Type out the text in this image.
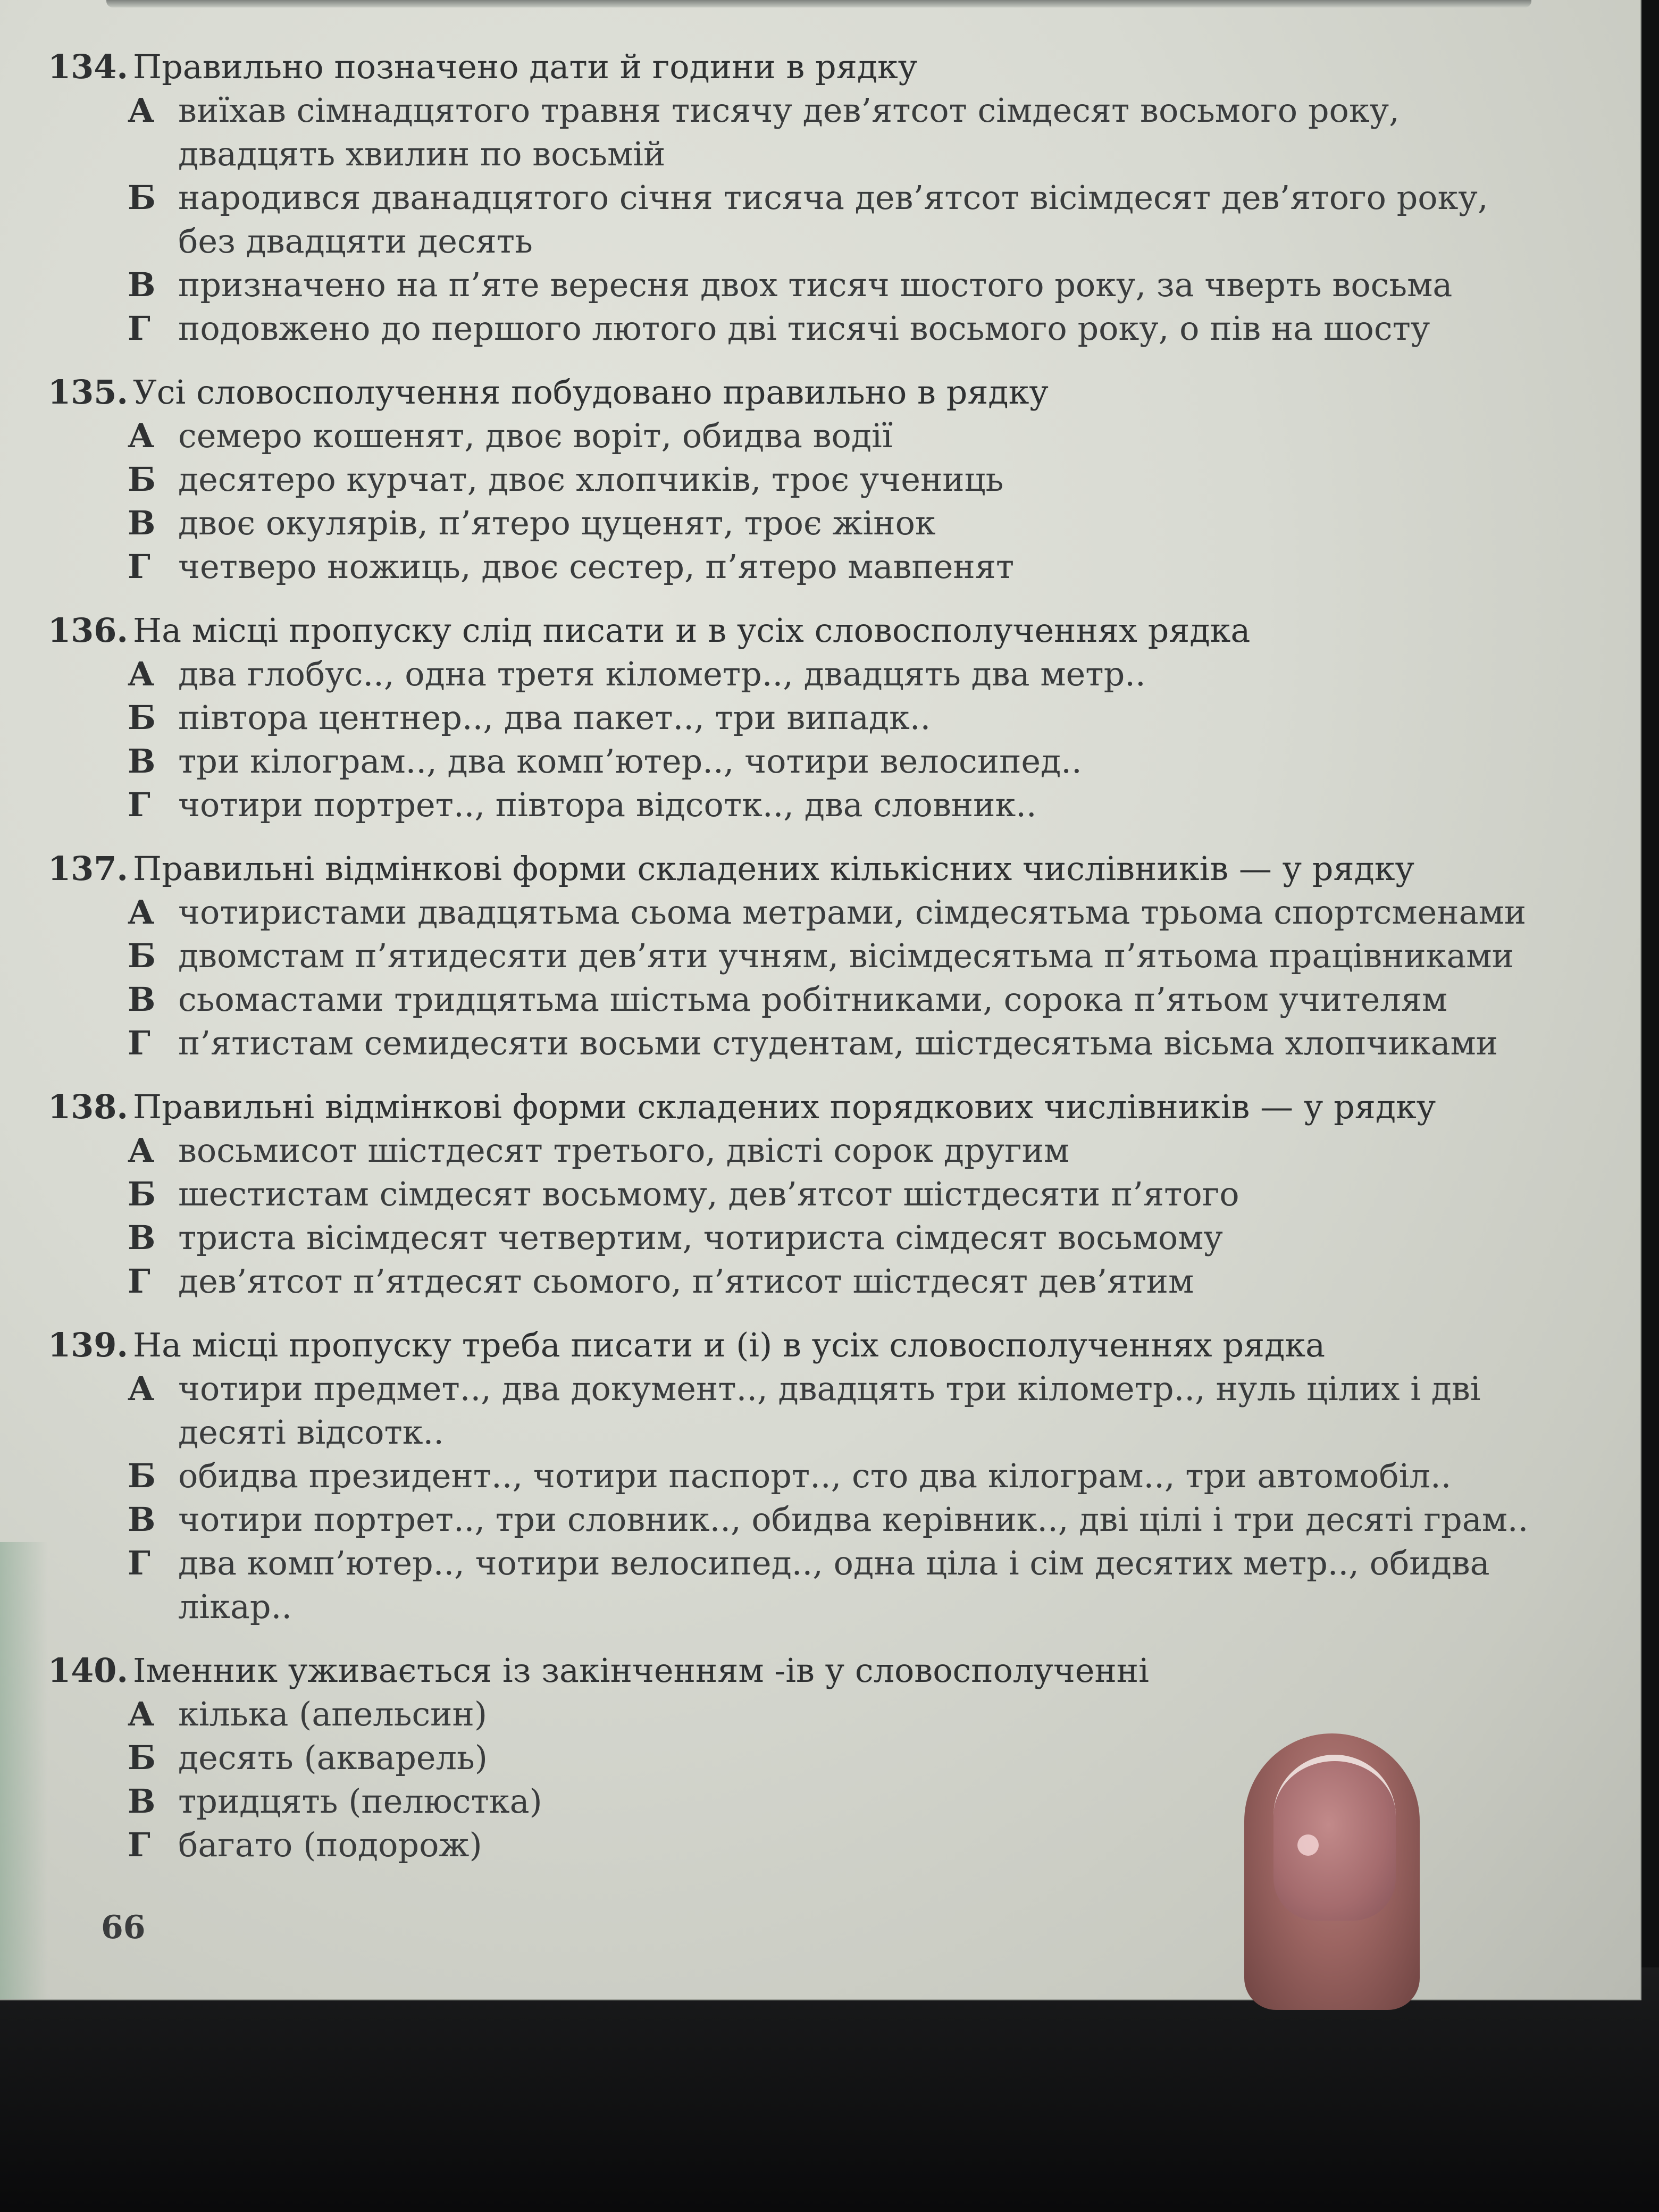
134. Правильно позначено дати й години в рядку
А виїхав сімнадцятого травня тисячу дев’ятсот сімдесят восьмого року, двадцять хвилин по восьмій
Б народився дванадцятого січня тисяча дев’ятсот вісімдесят дев’ятого року, без двадцяти десять
В призначено на п’яте вересня двох тисяч шостого року, за чверть восьма
Г подовжено до першого лютого дві тисячі восьмого року, о пів на шосту
135. Усі словосполучення побудовано правильно в рядку
А семеро кошенят, двоє воріт, обидва водії
Б десятеро курчат, двоє хлопчиків, троє учениць
В двоє окулярів, п’ятеро цуценят, троє жінок
Г четверо ножиць, двоє сестер, п’ятеро мавпенят
136. На місці пропуску слід писати и в усіх словосполученнях рядка
А два глобус.., одна третя кілометр.., двадцять два метр..
Б півтора центнер.., два пакет.., три випадк..
В три кілограм.., два комп’ютер.., чотири велосипед..
Г чотири портрет.., півтора відсотк.., два словник..
137. Правильні відмінкові форми складених кількісних числівників — у рядку
А чотиристами двадцятьма сьома метрами, сімдесятьма трьома спортсменами
Б двомстам п’ятидесяти дев’яти учням, вісімдесятьма п’ятьома працівниками
В сьомастами тридцятьма шістьма робітниками, сорока п’ятьом учителям
Г п’ятистам семидесяти восьми студентам, шістдесятьма вісьма хлопчиками
138. Правильні відмінкові форми складених порядкових числівників — у рядку
А восьмисот шістдесят третього, двісті сорок другим
Б шестистам сімдесят восьмому, дев’ятсот шістдесяти п’ятого
В триста вісімдесят четвертим, чотириста сімдесят восьмому
Г дев’ятсот п’ятдесят сьомого, п’ятисот шістдесят дев’ятим
139. На місці пропуску треба писати и (і) в усіх словосполученнях рядка
А чотири предмет.., два документ.., двадцять три кілометр.., нуль цілих і дві десяті відсотк..
Б обидва президент.., чотири паспорт.., сто два кілограм.., три автомобіл..
В чотири портрет.., три словник.., обидва керівник.., дві цілі і три десяті грам..
Г два комп’ютер.., чотири велосипед.., одна ціла і сім десятих метр.., обидва лікар..
140. Іменник уживається із закінченням -ів у словосполученні
А кілька (апельсин)
Б десять (акварель)
В тридцять (пелюстка)
Г багато (подорож)
66
